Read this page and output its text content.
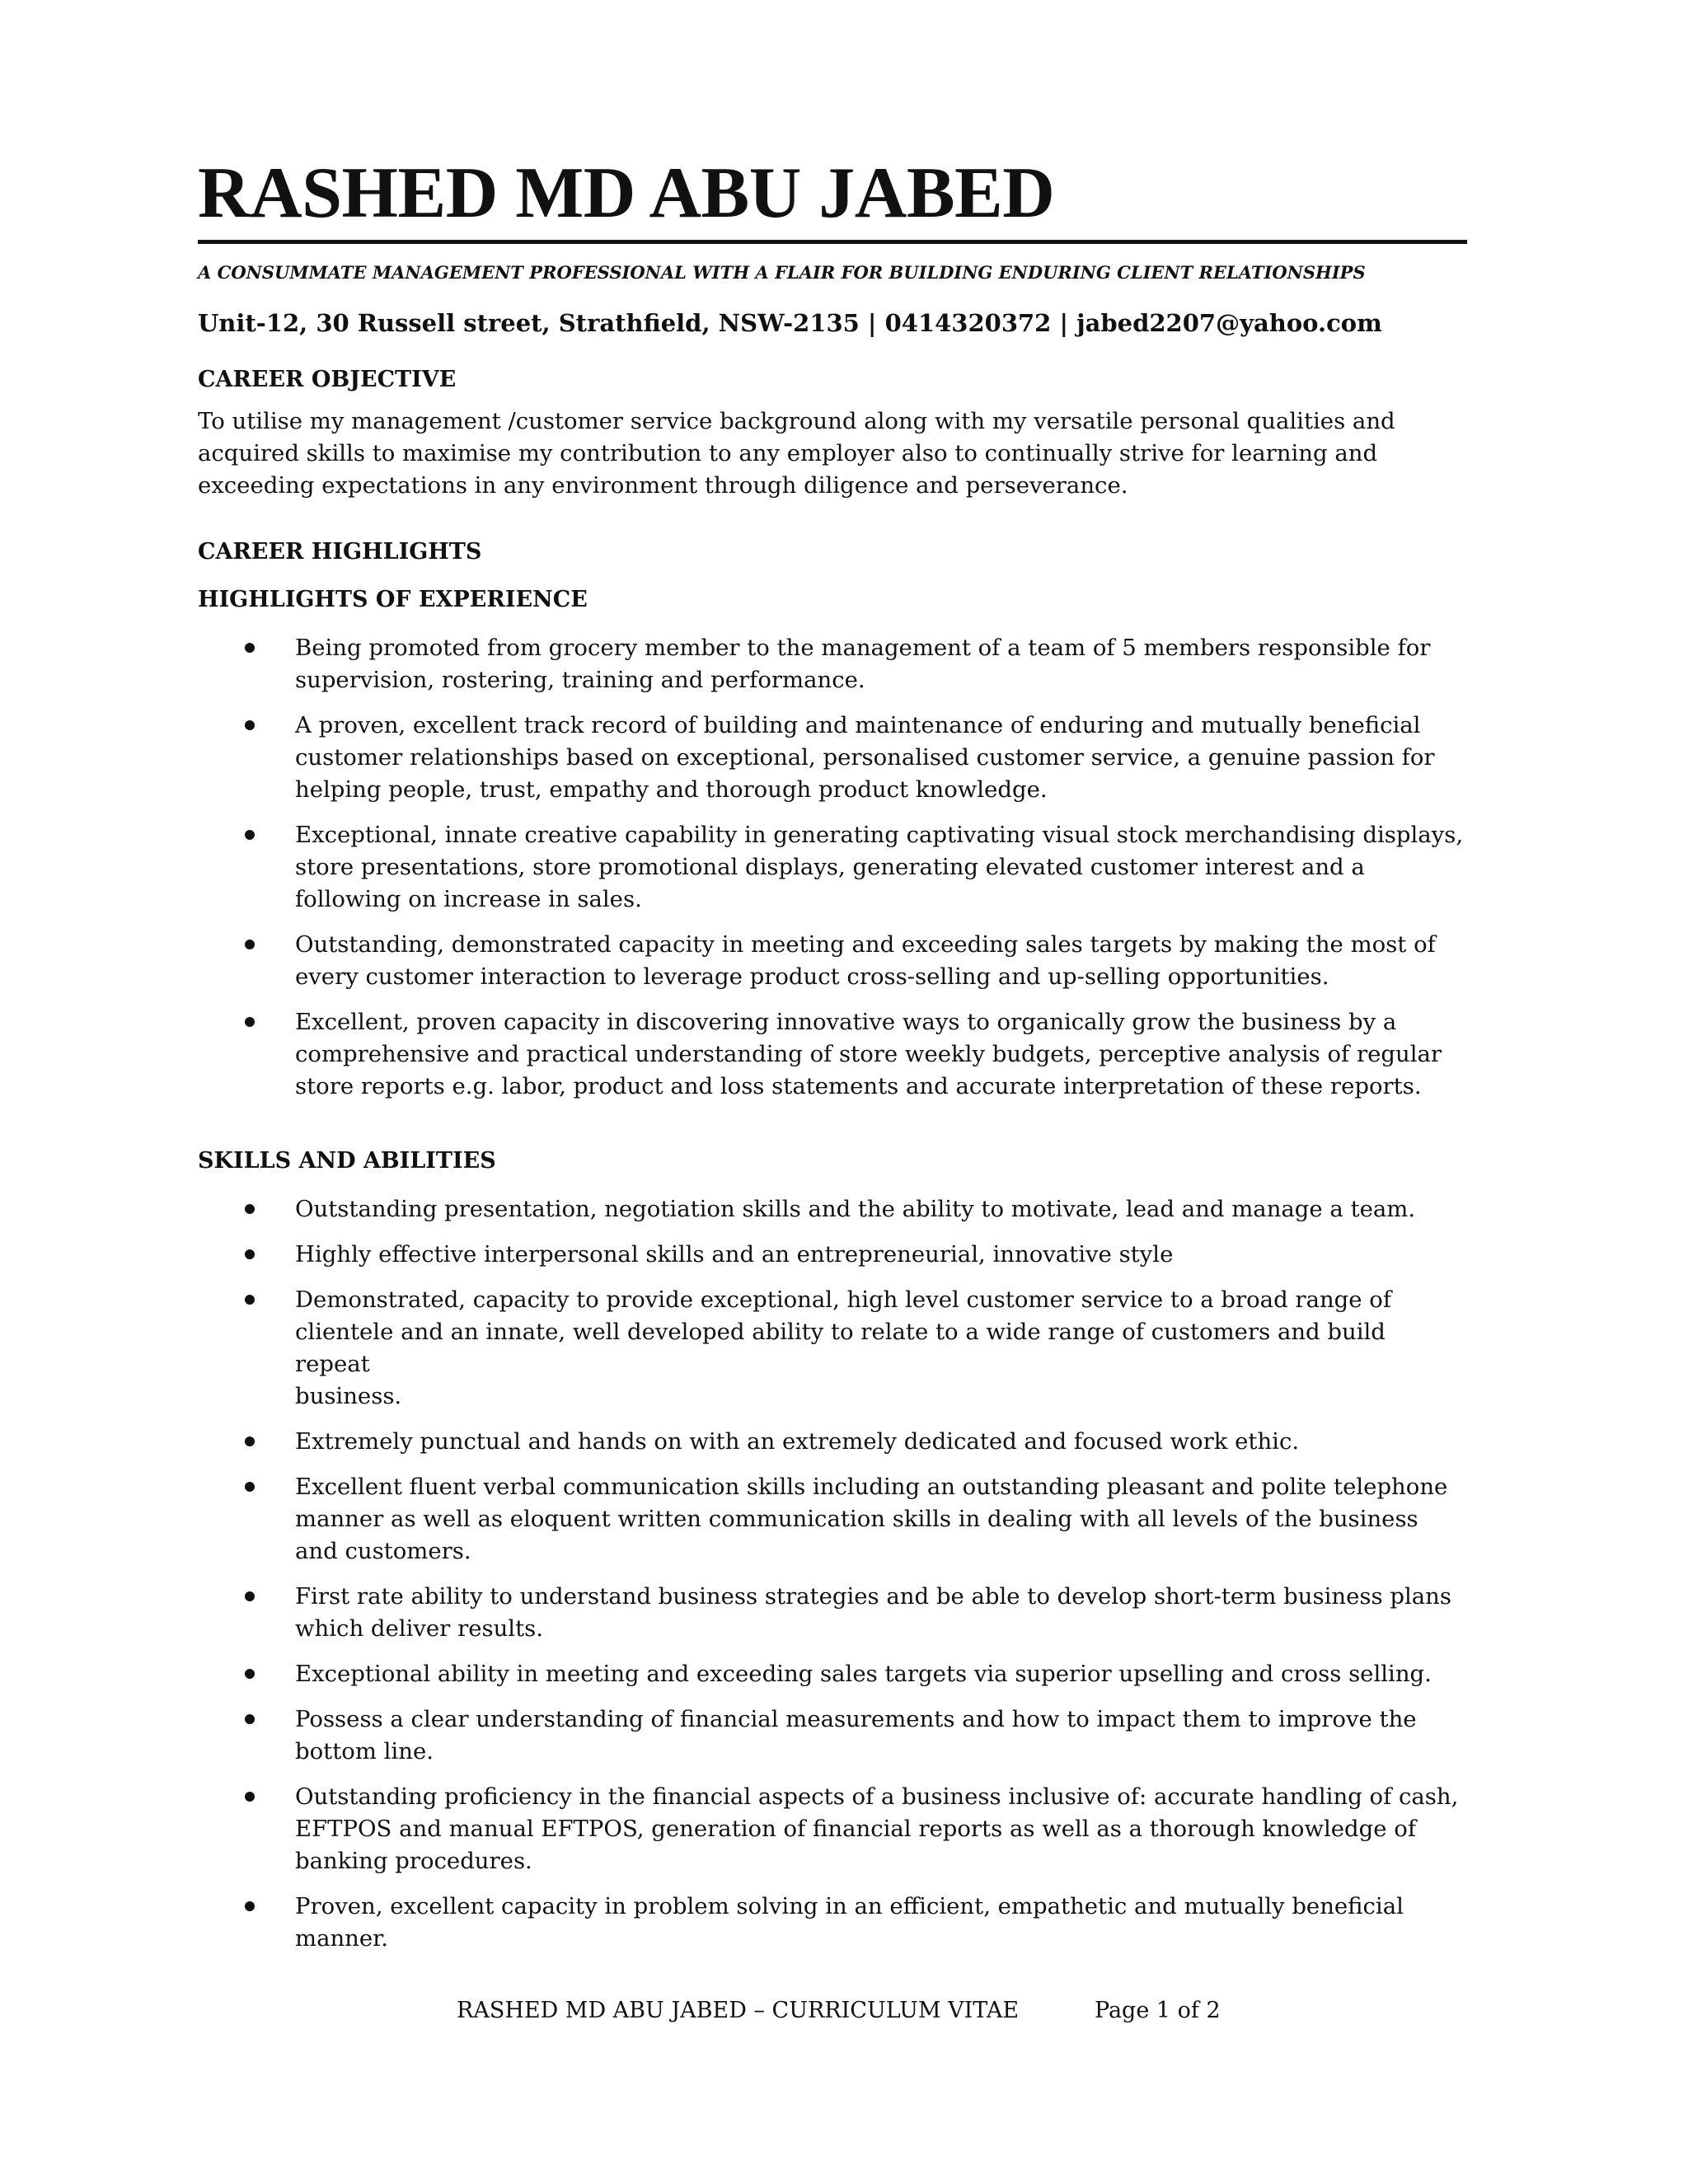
RASHED MD ABU JABED
A CONSUMMATE MANAGEMENT PROFESSIONAL WITH A FLAIR FOR BUILDING ENDURING CLIENT RELATIONSHIPS
Unit-12, 30 Russell street, Strathfield, NSW-2135 | 0414320372 | jabed2207@yahoo.com
CAREER OBJECTIVE
To utilise my management /customer service background along with my versatile personal qualities and
acquired skills to maximise my contribution to any employer also to continually strive for learning and
exceeding expectations in any environment through diligence and perseverance.
CAREER HIGHLIGHTS
HIGHLIGHTS OF EXPERIENCE
Being promoted from grocery member to the management of a team of 5 members responsible for
supervision, rostering, training and performance.
A proven, excellent track record of building and maintenance of enduring and mutually beneficial
customer relationships based on exceptional, personalised customer service, a genuine passion for
helping people, trust, empathy and thorough product knowledge.
Exceptional, innate creative capability in generating captivating visual stock merchandising displays,
store presentations, store promotional displays, generating elevated customer interest and a
following on increase in sales.
Outstanding, demonstrated capacity in meeting and exceeding sales targets by making the most of
every customer interaction to leverage product cross-selling and up-selling opportunities.
Excellent, proven capacity in discovering innovative ways to organically grow the business by a
comprehensive and practical understanding of store weekly budgets, perceptive analysis of regular
store reports e.g. labor, product and loss statements and accurate interpretation of these reports.
SKILLS AND ABILITIES
Outstanding presentation, negotiation skills and the ability to motivate, lead and manage a team.
Highly effective interpersonal skills and an entrepreneurial, innovative style
Demonstrated, capacity to provide exceptional, high level customer service to a broad range of
clientele and an innate, well developed ability to relate to a wide range of customers and build repeat
business.
Extremely punctual and hands on with an extremely dedicated and focused work ethic.
Excellent fluent verbal communication skills including an outstanding pleasant and polite telephone
manner as well as eloquent written communication skills in dealing with all levels of the business
and customers.
First rate ability to understand business strategies and be able to develop short-term business plans
which deliver results.
Exceptional ability in meeting and exceeding sales targets via superior upselling and cross selling.
Possess a clear understanding of financial measurements and how to impact them to improve the
bottom line.
Outstanding proficiency in the financial aspects of a business inclusive of: accurate handling of cash,
EFTPOS and manual EFTPOS, generation of financial reports as well as a thorough knowledge of
banking procedures.
Proven, excellent capacity in problem solving in an efficient, empathetic and mutually beneficial
manner.
RASHED MD ABU JABED – CURRICULUM VITAE	Page 1 of 2
